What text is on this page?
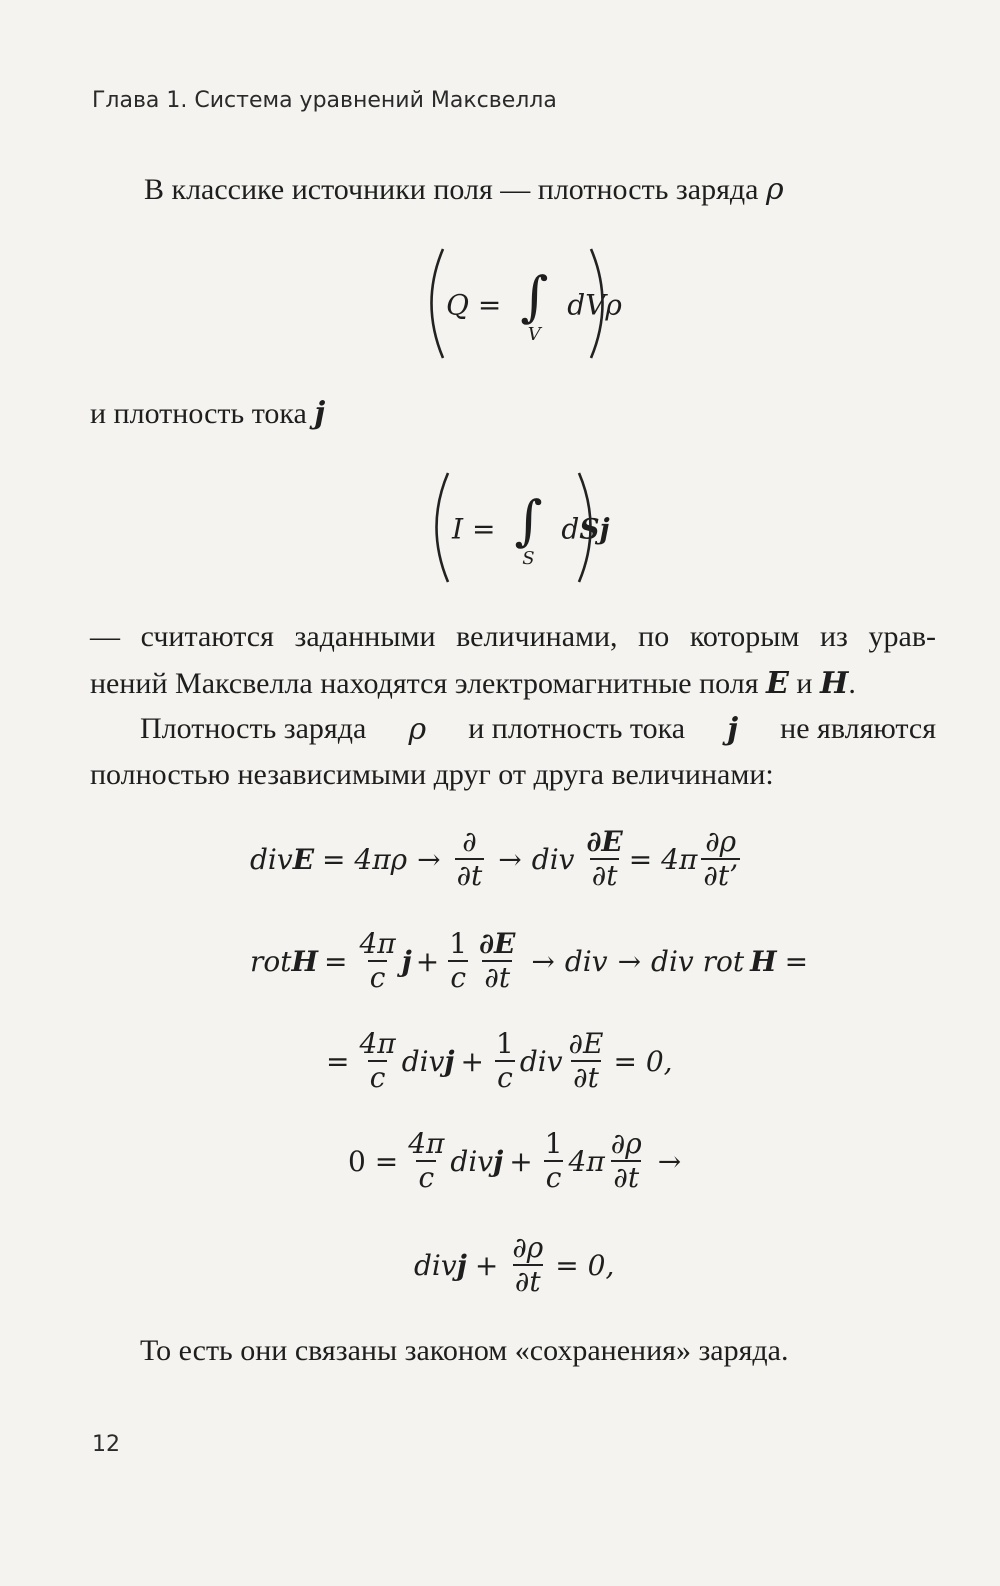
Глава 1. Система уравнений Максвелла
В классике источники поля — плотность заряда ρ
Q = ∫
V
dVρ
и плотность тока j
I = ∫
S
dSj
— считаются заданными величинами, по которым из урав-
нений Максвелла находятся электромагнитные поля E и H.
Плотность заряда ρ и плотность тока j не являются
полностью независимыми друг от друга величинами:
div $E = 4\pi\rho \to \frac{\partial}{\partial t}$ → div $\frac{\partial E}{\partial t} = 4\pi \frac{\partial\rho}{\partial t’}$
rot $H = \frac{4\pi}{c}$ $j + \frac{1}{c} \frac{\partial E}{\partial t}$ → div → div rot H =
= $\frac{4\pi}{c}$ div $j + \frac{1}{c}$ div $\frac{\partial E}{\partial t} = 0$,
$0 = \frac{4\pi}{c}$ div $j + \frac{1}{c} 4\pi \frac{\partial\rho}{\partial t}$ →
div $j + \frac{\partial\rho}{\partial t} = 0$,
То есть они связаны законом «сохранения» заряда.
12
